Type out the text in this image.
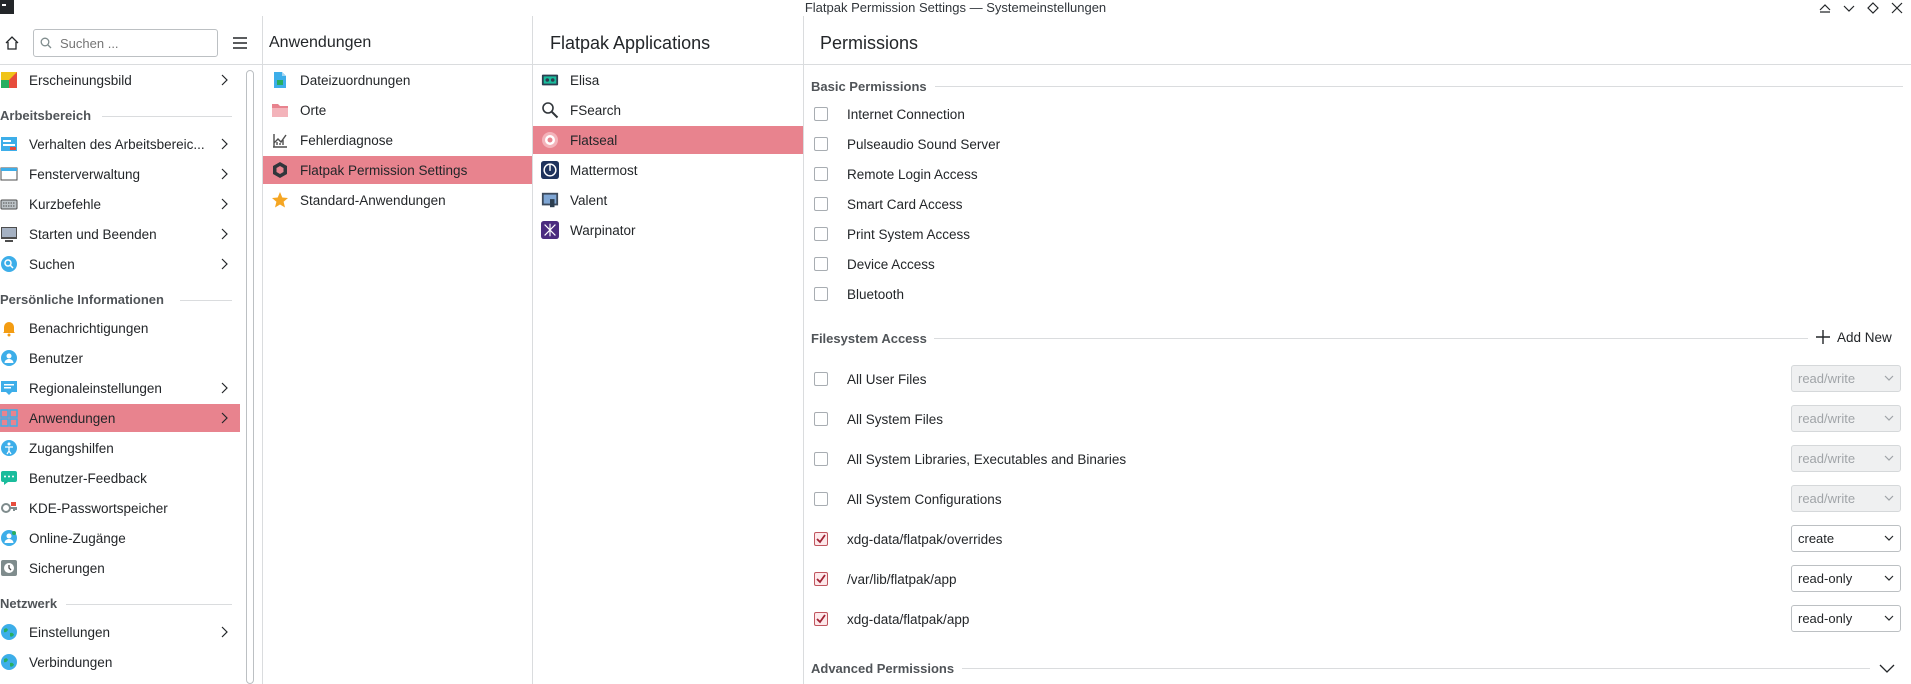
Flatpak Permission Settings — Systemeinstellungen
Suchen ...
Anwendungen	Flatpak Applications	Permissions
Erscheinungsbild
Arbeitsbereich
Verhalten des Arbeitsbereic...
Fensterverwaltung
Kurzbefehle
Starten und Beenden
Suchen
Persönliche Informationen
Benachrichtigungen
Benutzer
Regionaleinstellungen
Anwendungen
Zugangshilfen
Benutzer-Feedback
KDE-Passwortspeicher
Online-Zugänge
Sicherungen
Netzwerk
Einstellungen
Verbindungen
Dateizuordnungen
Orte
Fehlerdiagnose
Flatpak Permission Settings
Standard-Anwendungen
Elisa
FSearch
Flatseal
Mattermost
Valent
Warpinator
Basic Permissions
Internet Connection
Pulseaudio Sound Server
Remote Login Access
Smart Card Access
Print System Access
Device Access
Bluetooth
Filesystem Access	Add New
All User Files	read/write
All System Files	read/write
All System Libraries, Executables and Binaries	read/write
All System Configurations	read/write
xdg-data/flatpak/overrides	create
/var/lib/flatpak/app	read-only
xdg-data/flatpak/app	read-only
Advanced Permissions
